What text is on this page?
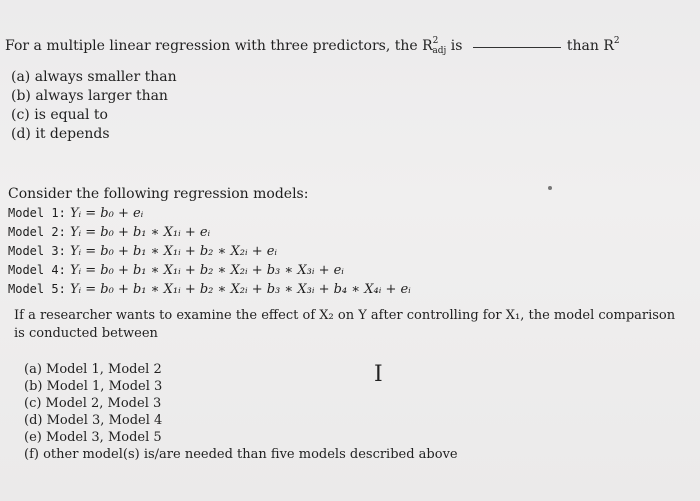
For a multiple linear regression with three predictors, the $R^2_{adj}$ is	than $R^2$
(a) always smaller than
(b) always larger than
(c) is equal to
(d) it depends
Consider the following regression models:
Model 1: Yᵢ = b₀ + eᵢ
Model 2: Yᵢ = b₀ + b₁ ∗ X₁ᵢ + eᵢ
Model 3: Yᵢ = b₀ + b₁ ∗ X₁ᵢ + b₂ ∗ X₂ᵢ + eᵢ
Model 4: Yᵢ = b₀ + b₁ ∗ X₁ᵢ + b₂ ∗ X₂ᵢ + b₃ ∗ X₃ᵢ + eᵢ
Model 5: Yᵢ = b₀ + b₁ ∗ X₁ᵢ + b₂ ∗ X₂ᵢ + b₃ ∗ X₃ᵢ + b₄ ∗ X₄ᵢ + eᵢ
If a researcher wants to examine the effect of X₂ on Y after controlling for X₁, the model comparison
is conducted between
(a) Model 1, Model 2
(b) Model 1, Model 3
(c) Model 2, Model 3
(d) Model 3, Model 4
(e) Model 3, Model 5
(f) other model(s) is/are needed than five models described above
I
